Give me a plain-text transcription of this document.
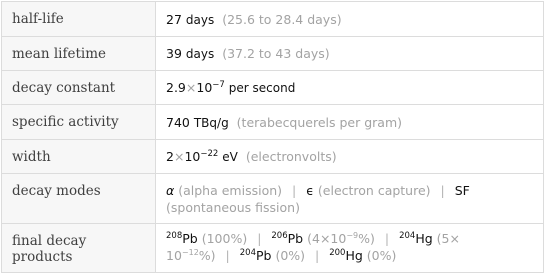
half-life	27 days (25.6 to 28.4 days)
mean lifetime	39 days (37.2 to 43 days)
decay constant	$2.9\times 10^{-7}$ per second
specific activity	740 TBq/g (terabecquerels per gram)
width	$2\times 10^{-22}$ eV (electronvolts)
decay modes	α (alpha emission) | ϵ (electron capture) | SF
(spontaneous fission)

final decay products	$^{208}$Pb (100%) | $^{206}$Pb $(4\times 10^{-9}\%)$ | $^{204}$Hg (5×
$10^{-12}\%$) | $^{204}$Pb (0%) | $^{200}$Hg (0%)
